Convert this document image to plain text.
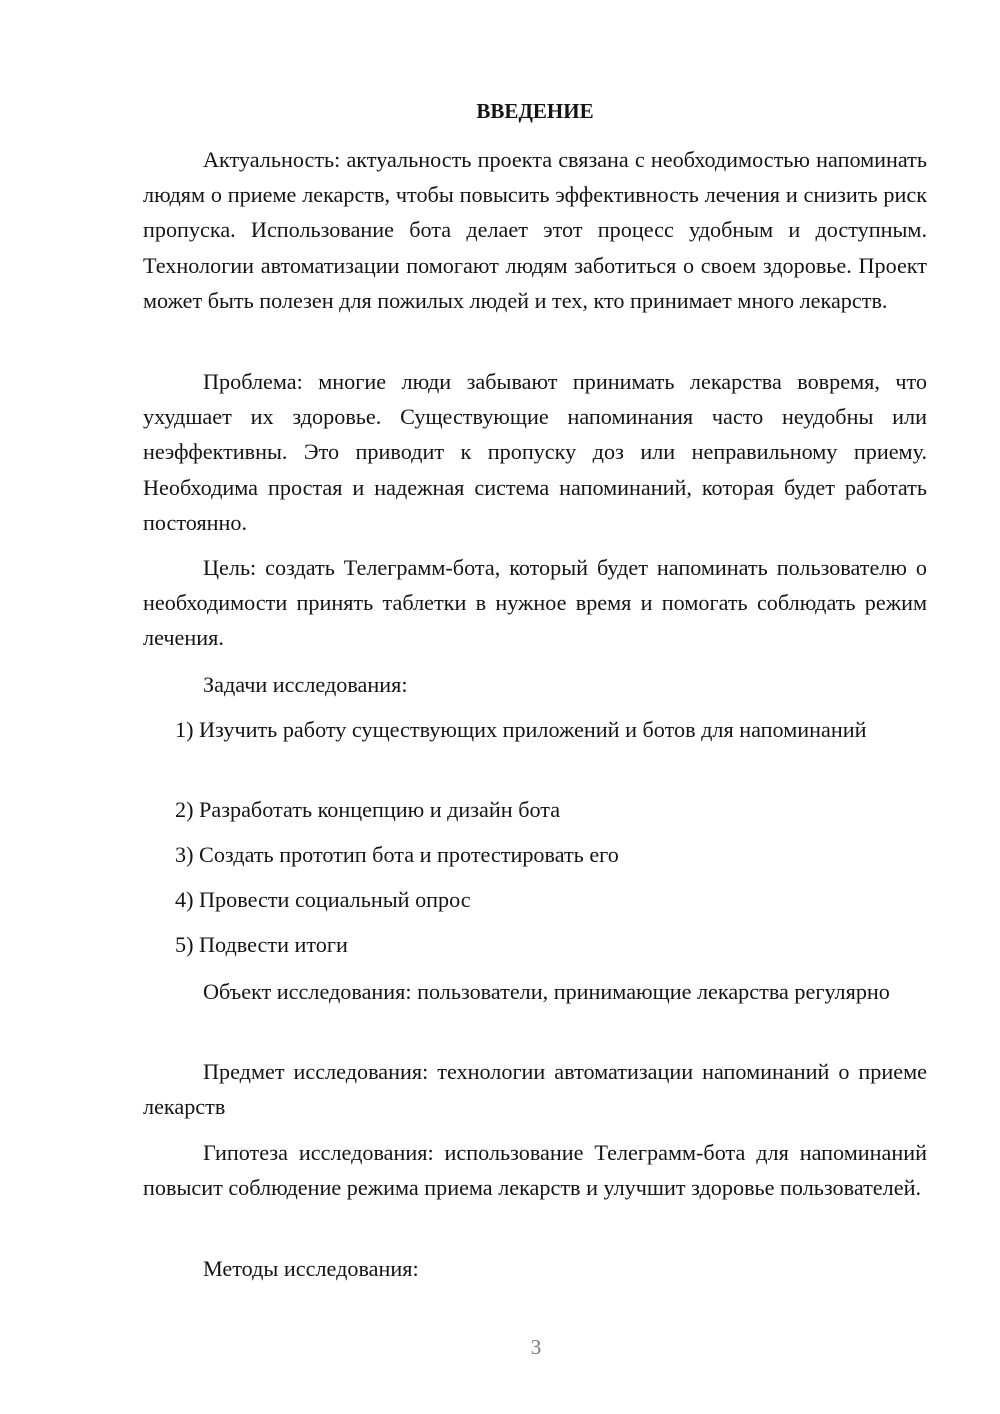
ВВЕДЕНИЕ

Актуальность: актуальность проекта связана с необходимостью напоминать людям о приеме лекарств, чтобы повысить эффективность лечения и снизить риск пропуска. Использование бота делает этот процесс удобным и доступным. Технологии автоматизации помогают людям заботиться о своем здоровье. Проект может быть полезен для пожилых людей и тех, кто принимает много лекарств.

Проблема: многие люди забывают принимать лекарства вовремя, что ухудшает их здоровье. Существующие напоминания часто неудобны или неэффективны. Это приводит к пропуску доз или неправильному приему. Необходима простая и надежная система напоминаний, которая будет работать постоянно.

Цель: создать Телеграмм-бота, который будет напоминать пользователю о необходимости принять таблетки в нужное время и помогать соблюдать режим лечения.

Задачи исследования:

1) Изучить работу существующих приложений и ботов для напоминаний

2) Разработать концепцию и дизайн бота

3) Создать прототип бота и протестировать его

4) Провести социальный опрос

5) Подвести итоги

Объект исследования: пользователи, принимающие лекарства регулярно

Предмет исследования: технологии автоматизации напоминаний о приеме лекарств

Гипотеза исследования: использование Телеграмм-бота для напоминаний повысит соблюдение режима приема лекарств и улучшит здоровье пользователей.

Методы исследования:

3
